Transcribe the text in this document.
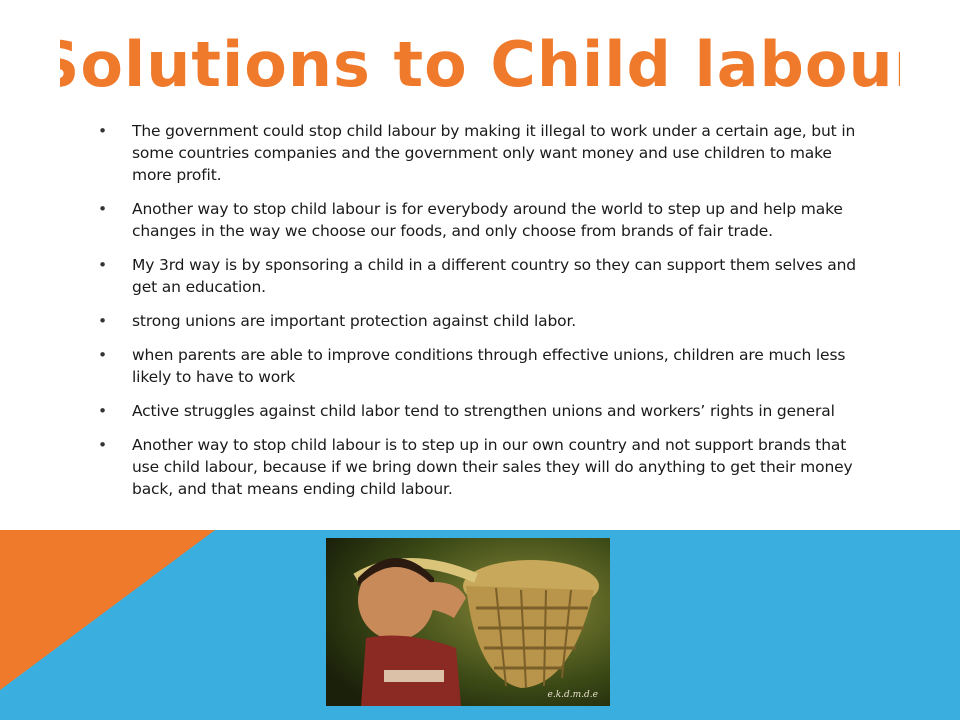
Solutions to Child labour
• The government could stop child labour by making it illegal to work under a certain age, but in some countries companies and the government only want money and use children to make more profit.
• Another way to stop child labour is for everybody around the world to step up and help make changes in the way we choose our foods, and only choose from brands of fair trade.
• My 3rd way is by sponsoring a child in a different country so they can support them selves and get an education.
• strong unions are important protection against child labor.
• when parents are able to improve conditions through effective unions, children are much less likely to have to work
• Active struggles against child labor tend to strengthen unions and workers’ rights in general
• Another way to stop child labour is to step up in our own country and not support brands that use child labour, because if we bring down their sales they will do anything to get their money back, and that means ending child labour.
e.k.d.m.d.e
